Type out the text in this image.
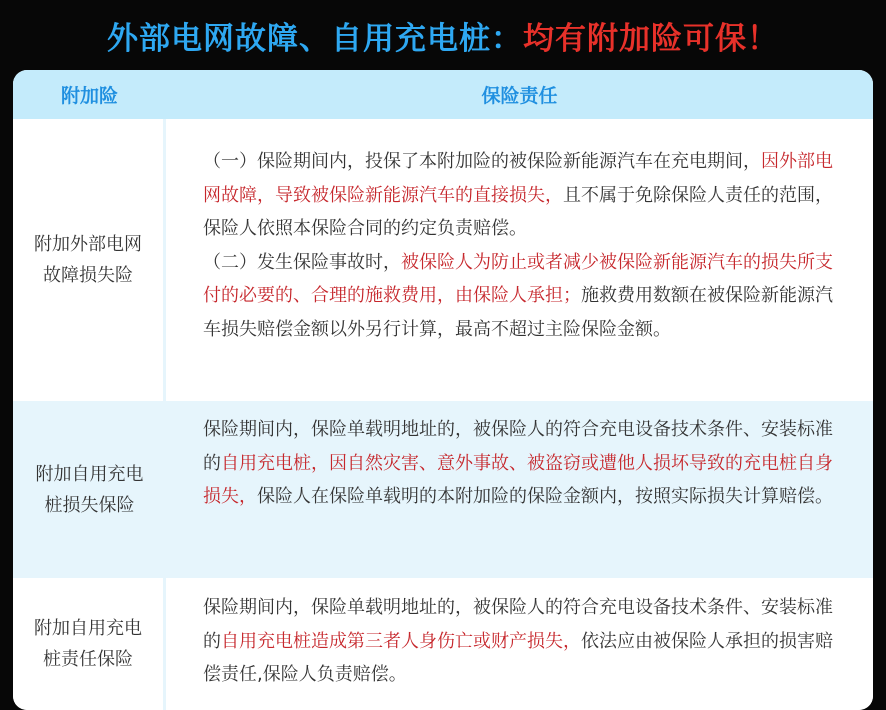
外部电网故障、自用充电桩： 均有附加险可保！
附加险	保险责任
附加外部电网
故障损失险

（一）保险期间内，投保了本附加险的被保险新能源汽车在充电期间，因外部电网故障，导致被保险新能源汽车的直接损失，且不属于免除保险人责任的范围，保险人依照本保险合同的约定负责赔偿。

（二）发生保险事故时，被保险人为防止或者减少被保险新能源汽车的损失所支付的必要的、合理的施救费用，由保险人承担；施救费用数额在被保险新能源汽车损失赔偿金额以外另行计算，最高不超过主险保险金额。

附加自用充电
桩损失保险

保险期间内，保险单载明地址的，被保险人的符合充电设备技术条件、安装标准的自用充电桩，因自然灾害、意外事故、被盗窃或遭他人损坏导致的充电桩自身损失，保险人在保险单载明的本附加险的保险金额内，按照实际损失计算赔偿。

附加自用充电
桩责任保险

保险期间内，保险单载明地址的，被保险人的符合充电设备技术条件、安装标准的自用充电桩造成第三者人身伤亡或财产损失，依法应由被保险人承担的损害赔偿责任,保险人负责赔偿。
